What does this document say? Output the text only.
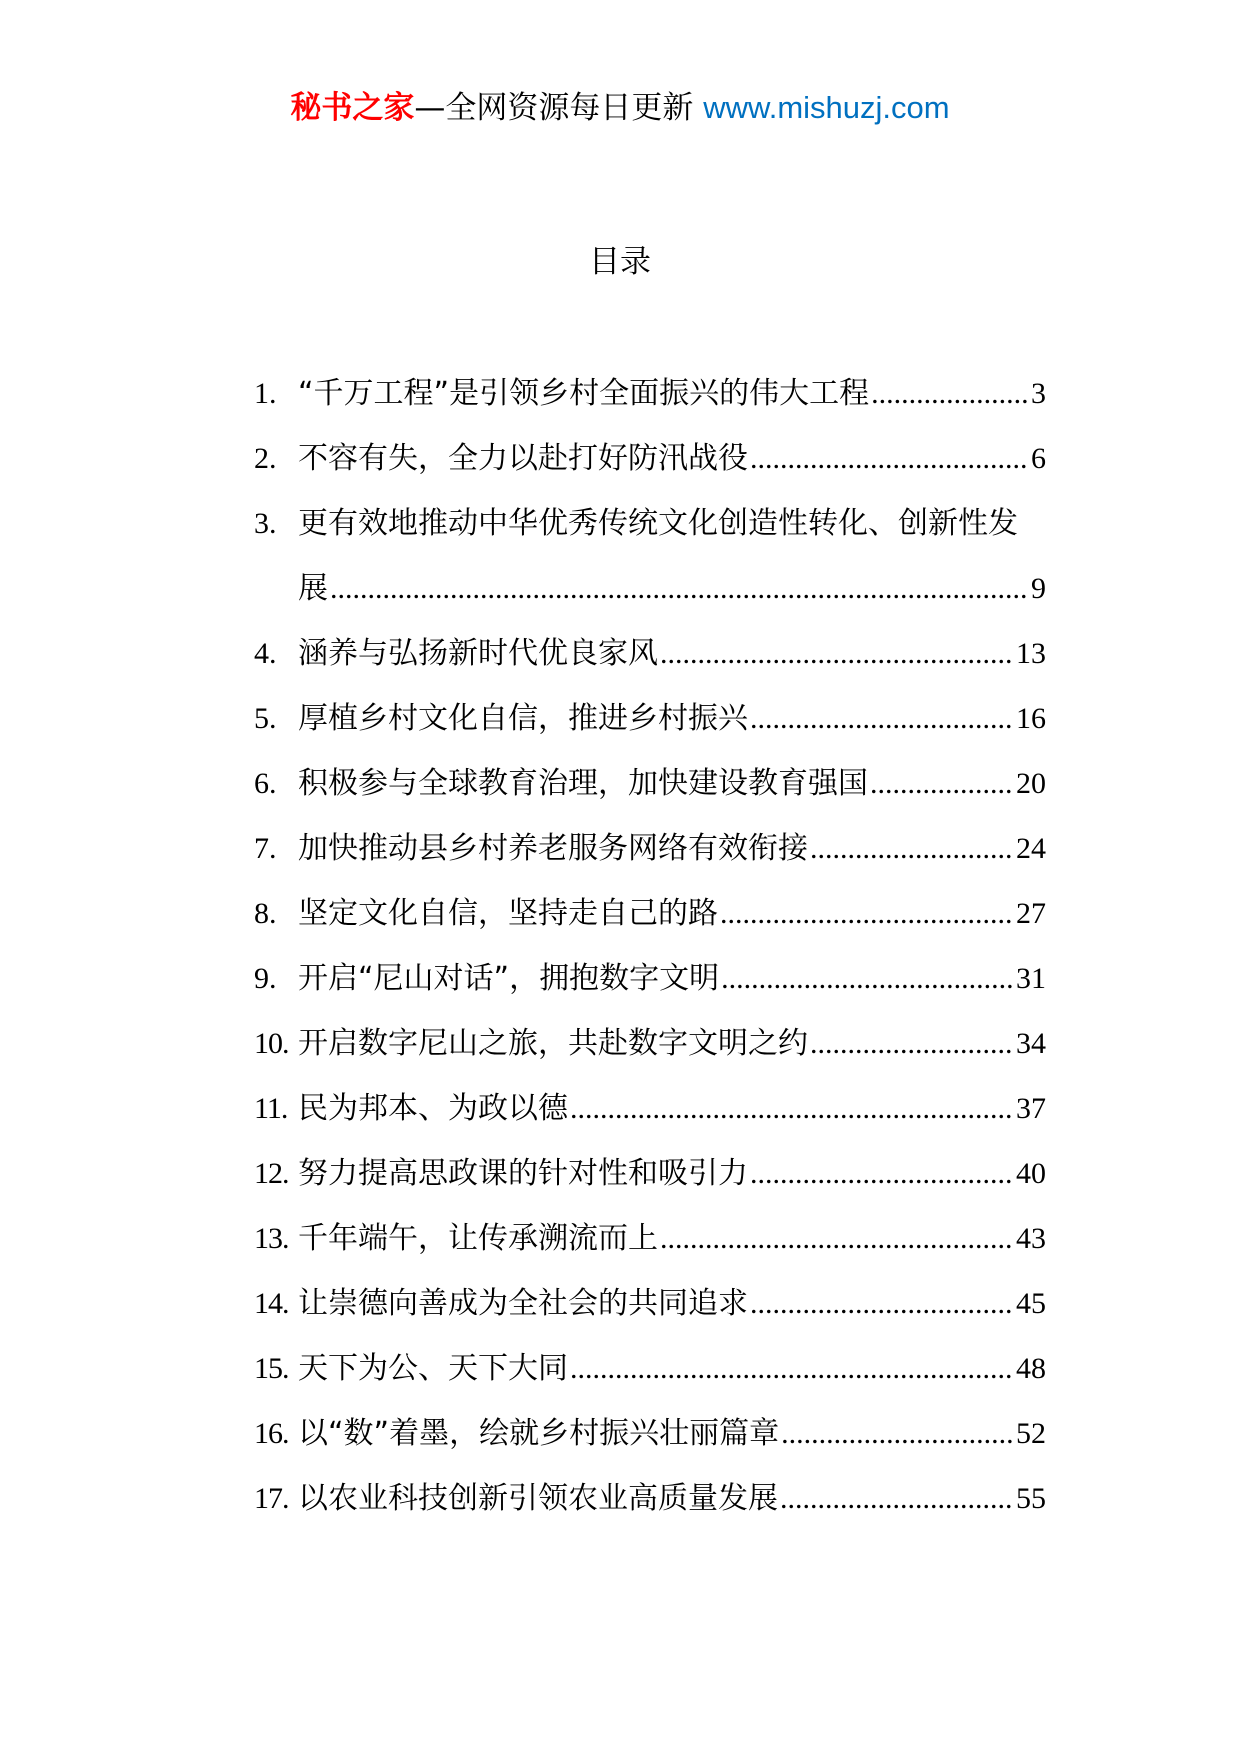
秘书之家—全网资源每日更新 www.mishuzj.com
目录
1. “千万工程”是引领乡村全面振兴的伟大工程 .....	3
2. 不容有失，全力以赴打好防汛战役 .....	6
3. 更有效地推动中华优秀传统文化创造性转化、创新性发
展 .....	9
4. 涵养与弘扬新时代优良家风 .....	13
5. 厚植乡村文化自信，推进乡村振兴 .....	16
6. 积极参与全球教育治理，加快建设教育强国 .....	20
7. 加快推动县乡村养老服务网络有效衔接 .....	24
8. 坚定文化自信，坚持走自己的路 .....	27
9. 开启“尼山对话”，拥抱数字文明 .....	31
10. 开启数字尼山之旅，共赴数字文明之约 .....	34
11. 民为邦本、为政以德 .....	37
12. 努力提高思政课的针对性和吸引力 .....	40
13. 千年端午，让传承溯流而上 .....	43
14. 让崇德向善成为全社会的共同追求 .....	45
15. 天下为公、天下大同 .....	48
16. 以“数”着墨，绘就乡村振兴壮丽篇章 .....	52
17. 以农业科技创新引领农业高质量发展 .....	55
